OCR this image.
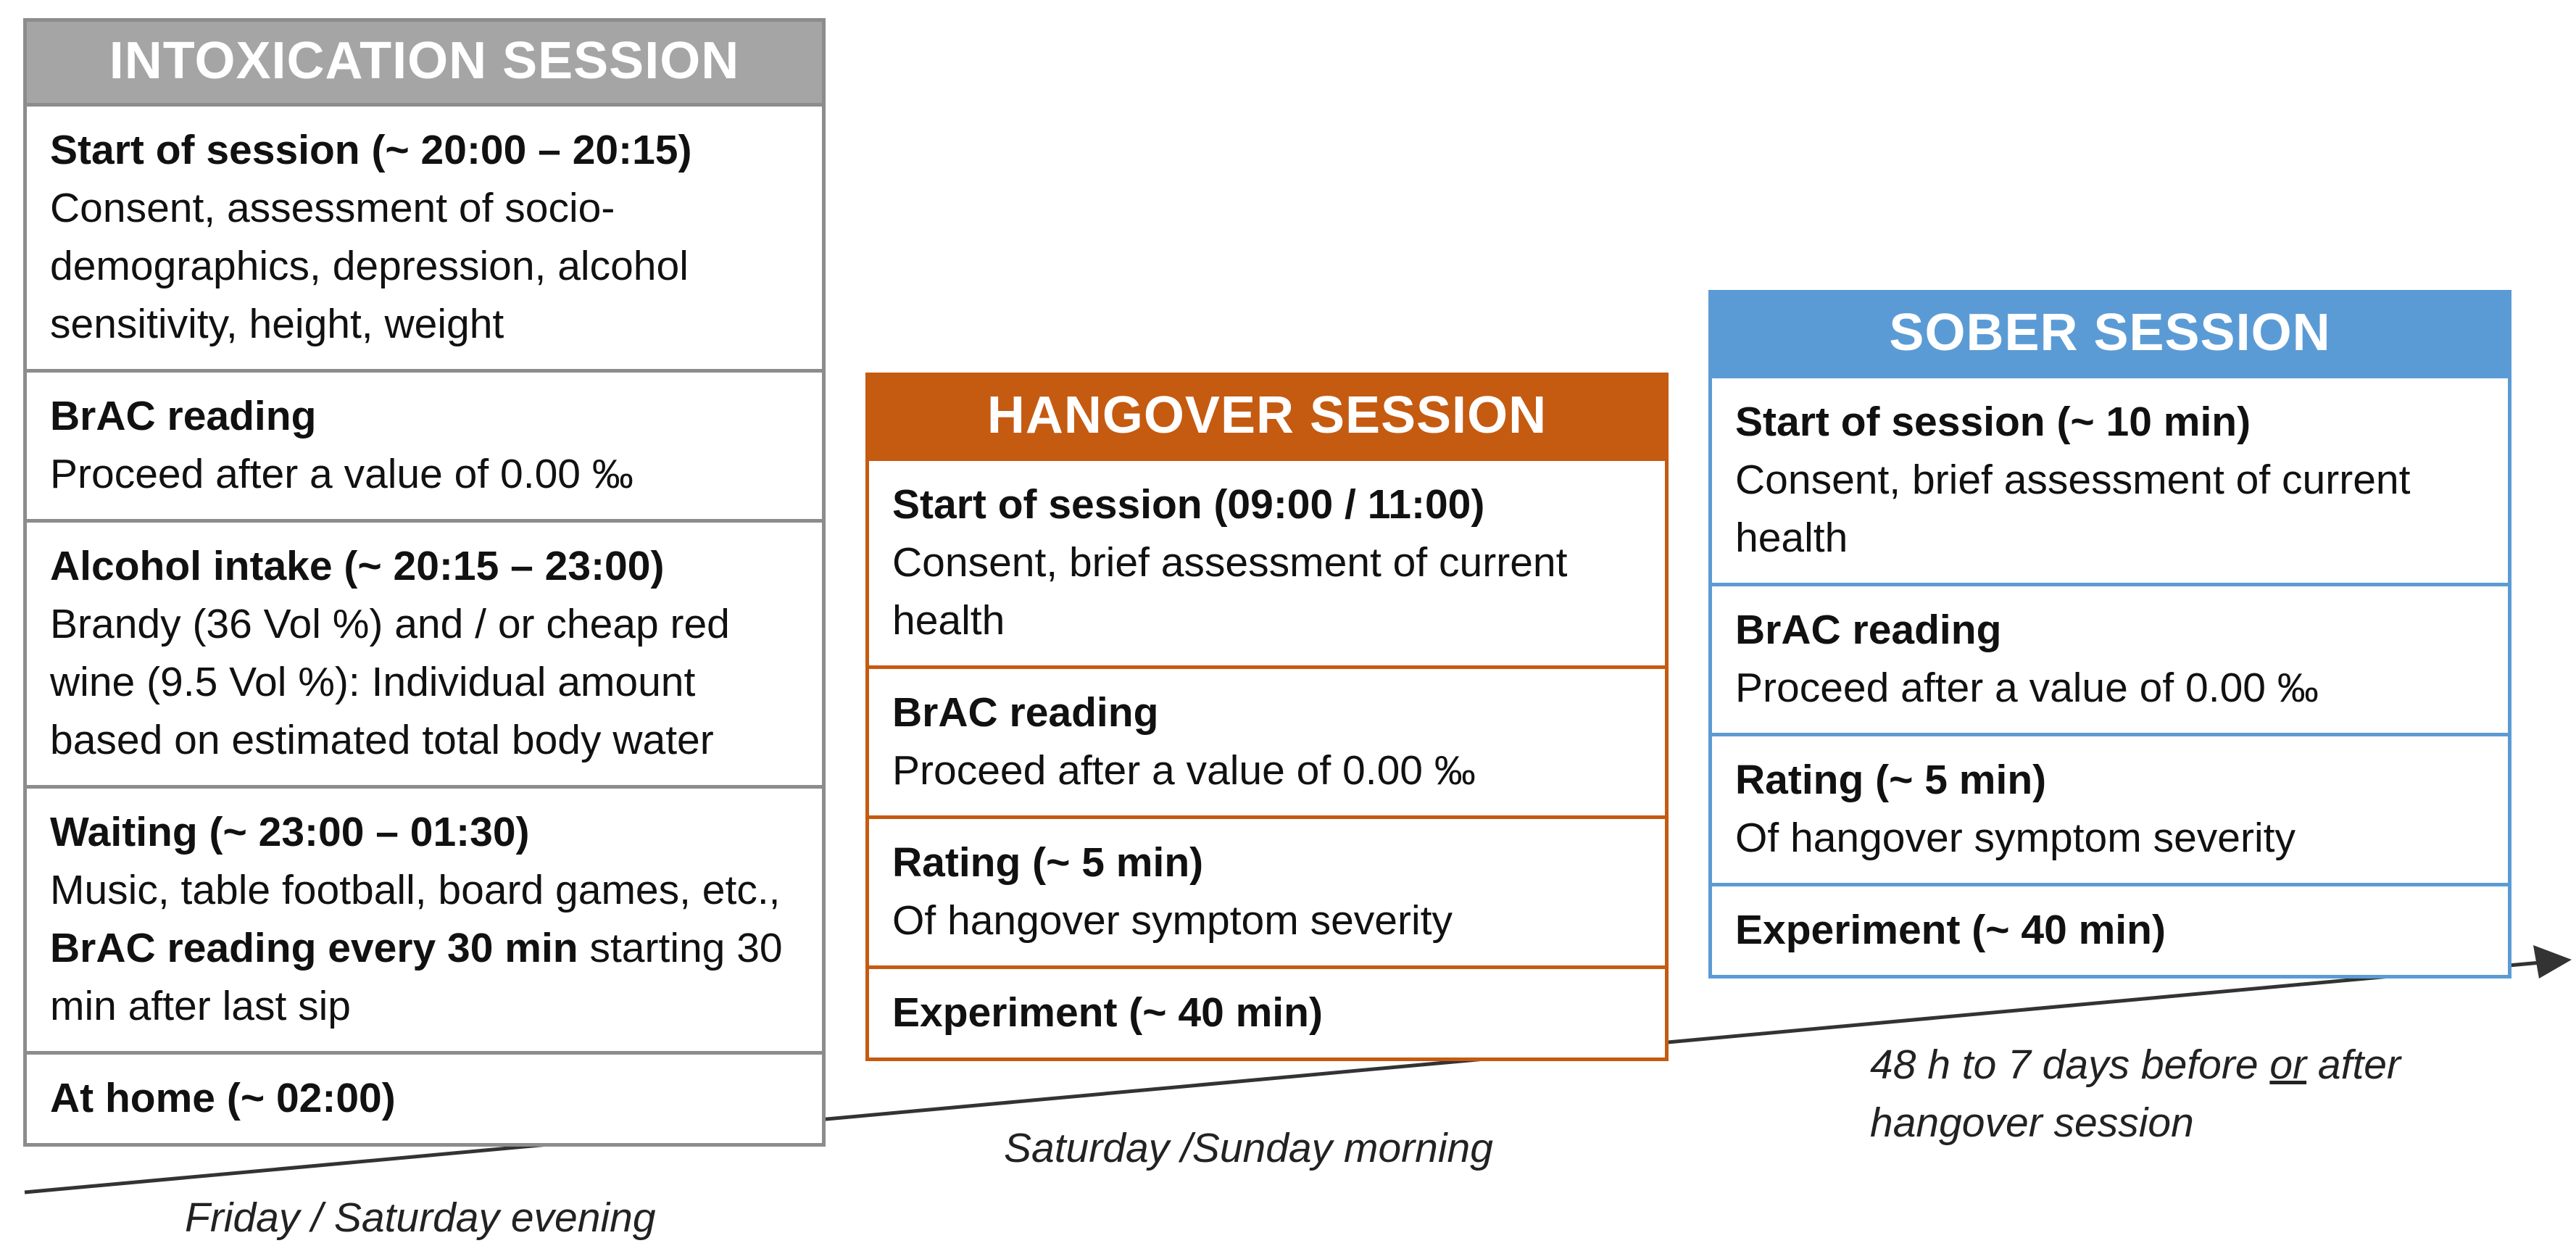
INTOXICATION SESSION
Start of session (~ 20:00 – 20:15)
Consent, assessment of socio-demographics, depression, alcohol sensitivity, height, weight
BrAC reading
Proceed after a value of 0.00 ‰
Alcohol intake (~ 20:15 – 23:00)
Brandy (36 Vol %) and / or cheap red wine (9.5 Vol %): Individual amount based on estimated total body water
Waiting (~ 23:00 – 01:30)
Music, table football, board games, etc., BrAC reading every 30 min starting 30 min after last sip
At home (~ 02:00)
HANGOVER SESSION
Start of session (09:00 / 11:00)
Consent, brief assessment of current health
BrAC reading
Proceed after a value of 0.00 ‰
Rating (~ 5 min)
Of hangover symptom severity
Experiment (~ 40 min)
SOBER SESSION
Start of session (~ 10 min)
Consent, brief assessment of current health
BrAC reading
Proceed after a value of 0.00 ‰
Rating (~ 5 min)
Of hangover symptom severity
Experiment (~ 40 min)
Friday / Saturday evening
Saturday /Sunday morning
48 h to 7 days before or after
hangover session
